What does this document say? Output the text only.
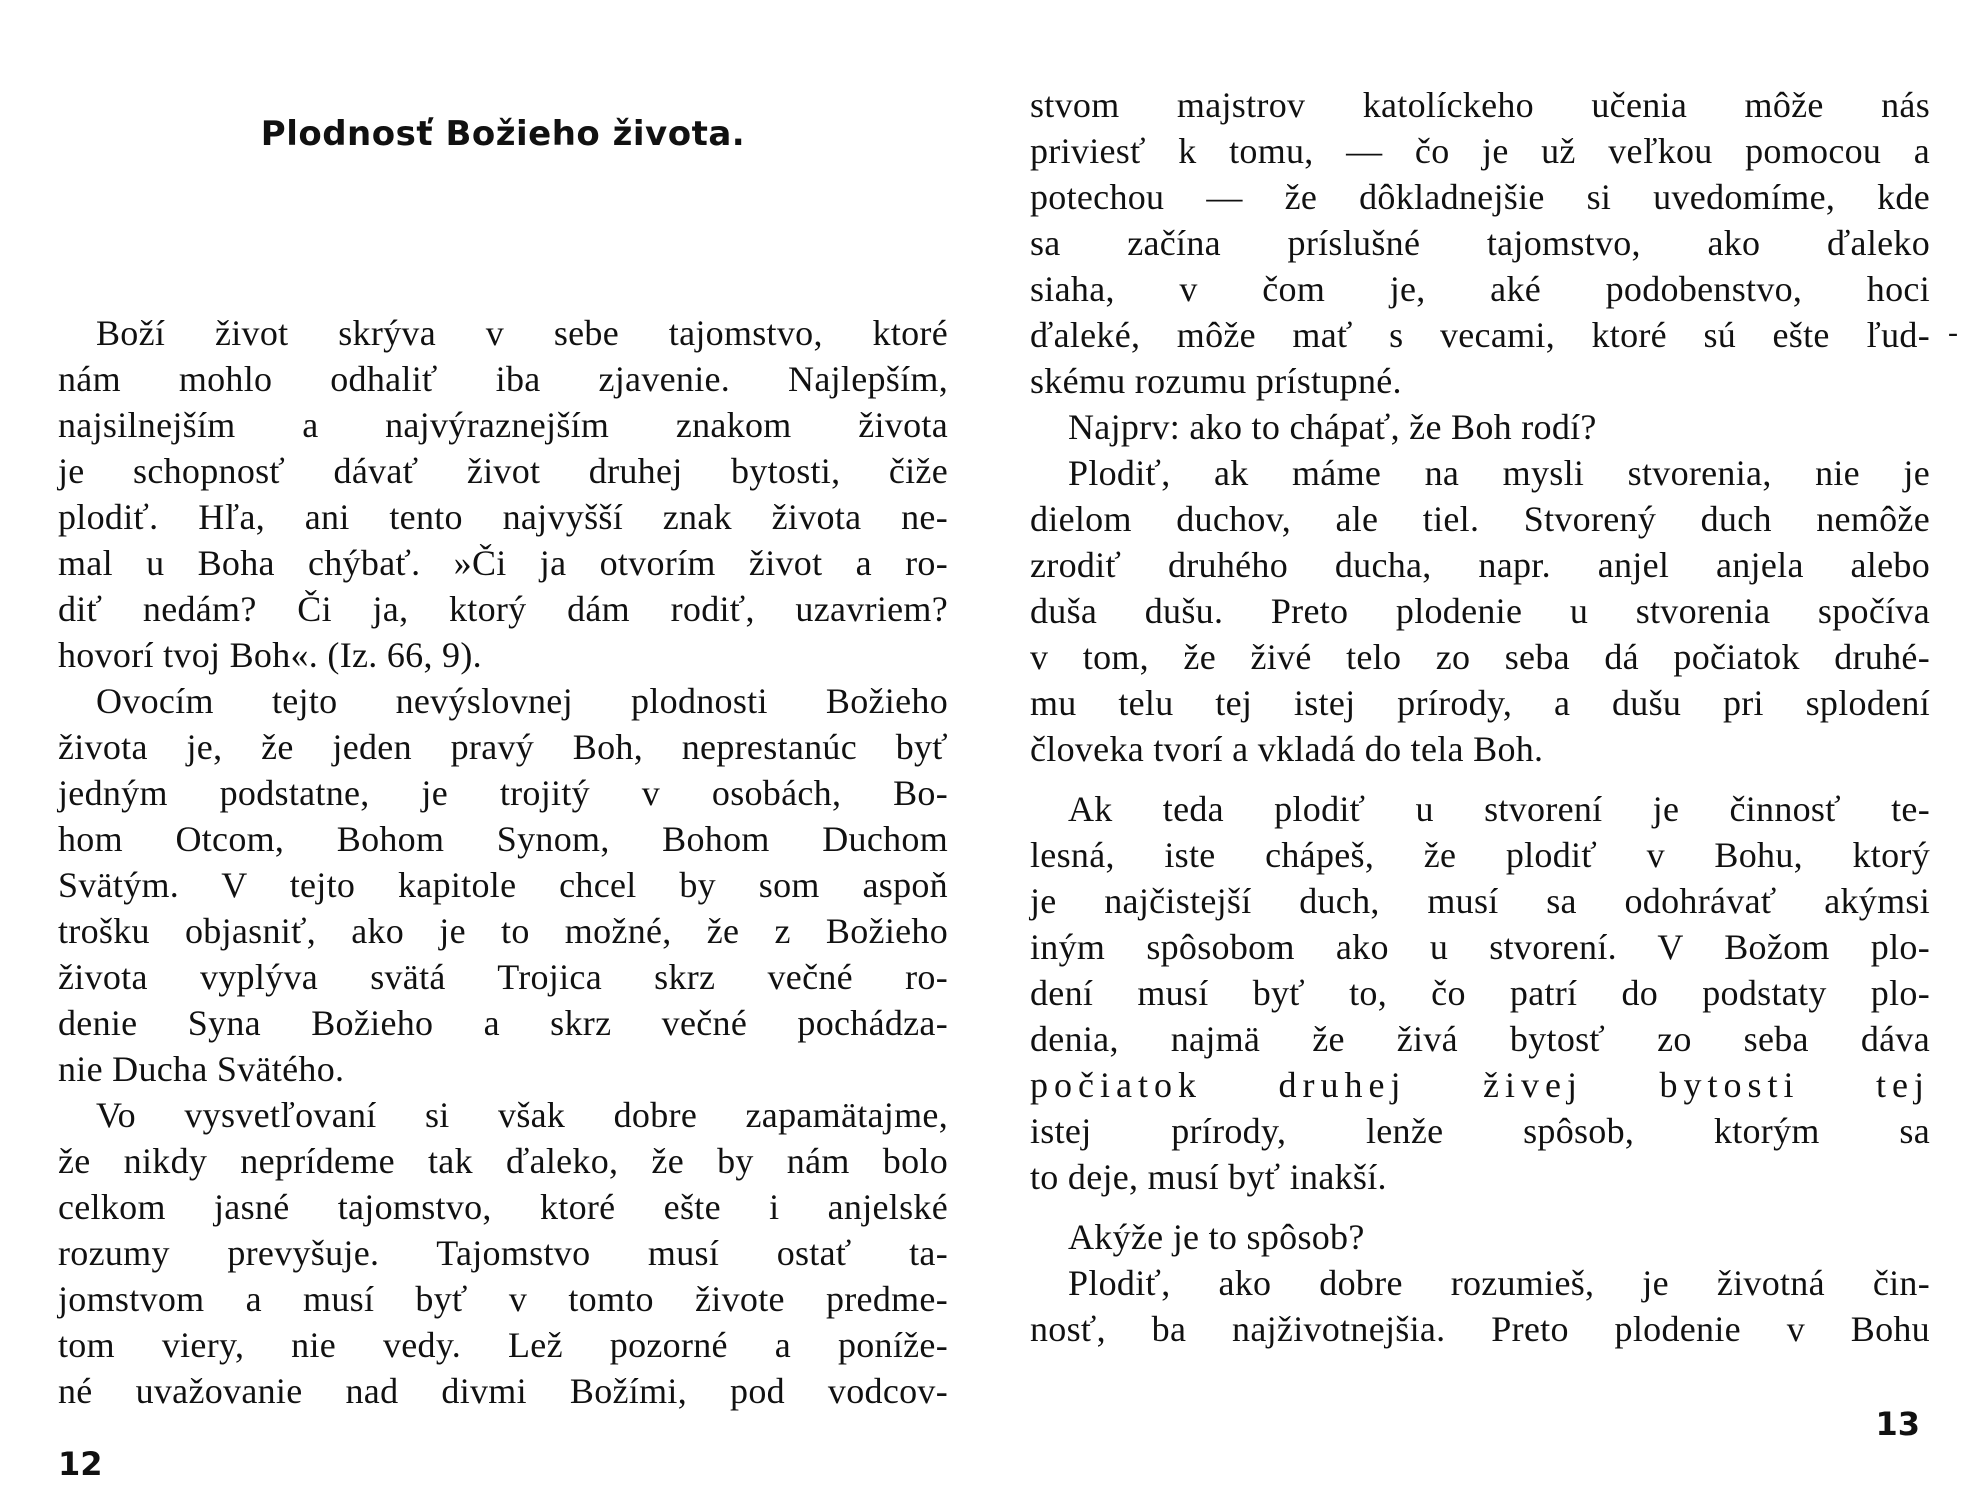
Plodnosť Božieho života.
Boží život skrýva v sebe tajomstvo, ktoré
nám mohlo odhaliť iba zjavenie. Najlepším,
najsilnejším a najvýraznejším znakom života
je schopnosť dávať život druhej bytosti, čiže
plodiť. Hľa, ani tento najvyšší znak života ne-
mal u Boha chýbať. »Či ja otvorím život a ro-
diť nedám? Či ja, ktorý dám rodiť, uzavriem?
hovorí tvoj Boh«. (Iz. 66, 9).
Ovocím tejto nevýslovnej plodnosti Božieho
života je, že jeden pravý Boh, neprestanúc byť
jedným podstatne, je trojitý v osobách, Bo-
hom Otcom, Bohom Synom, Bohom Duchom
Svätým. V tejto kapitole chcel by som aspoň
trošku objasniť, ako je to možné, že z Božieho
života vyplýva svätá Trojica skrz večné ro-
denie Syna Božieho a skrz večné pochádza-
nie Ducha Svätého.
Vo vysvetľovaní si však dobre zapamätajme,
že nikdy neprídeme tak ďaleko, že by nám bolo
celkom jasné tajomstvo, ktoré ešte i anjelské
rozumy prevyšuje. Tajomstvo musí ostať ta-
jomstvom a musí byť v tomto živote predme-
tom viery, nie vedy. Lež pozorné a ponížе-
né uvažovanie nad divmi Božími, pod vodcov-
12
stvom majstrov katolíckeho učenia môže nás
priviesť k tomu, — čo je už veľkou pomocou a
potechou — že dôkladnejšie si uvedomíme, kde
sa začína príslušné tajomstvo, ako ďaleko
siaha, v čom je, aké podobenstvo, hoci
ďaleké, môže mať s vecami, ktoré sú ešte ľud-
skému rozumu prístupné.
Najprv: ako to chápať, že Boh rodí?
Plodiť, ak máme na mysli stvorenia, nie je
dielom duchov, ale tiel. Stvorený duch nemôže
zrodiť druhého ducha, napr. anjel anjela alebo
duša dušu. Preto plodenie u stvorenia spočíva
v tom, že živé telo zo seba dá počiatok druhé-
mu telu tej istej prírody, a dušu pri splodení
človeka tvorí a vkladá do tela Boh.
Ak teda plodiť u stvorení je činnosť te-
lesná, iste chápeš, že plodiť v Bohu, ktorý
je najčistejší duch, musí sa odohrávať akýmsi
iným spôsobom ako u stvorení. V Božom plo-
dení musí byť to, čo patrí do podstaty plo-
denia, najmä že živá bytosť zo seba dáva
počiatok druhej živej bytosti tej
istej prírody, lenže spôsob, ktorým sa
to deje, musí byť inakší.
Akýže je to spôsob?
Plodiť, ako dobre rozumieš, je životná čin-
nosť, ba najživotnejšia. Preto plodenie v Bohu
13
-
